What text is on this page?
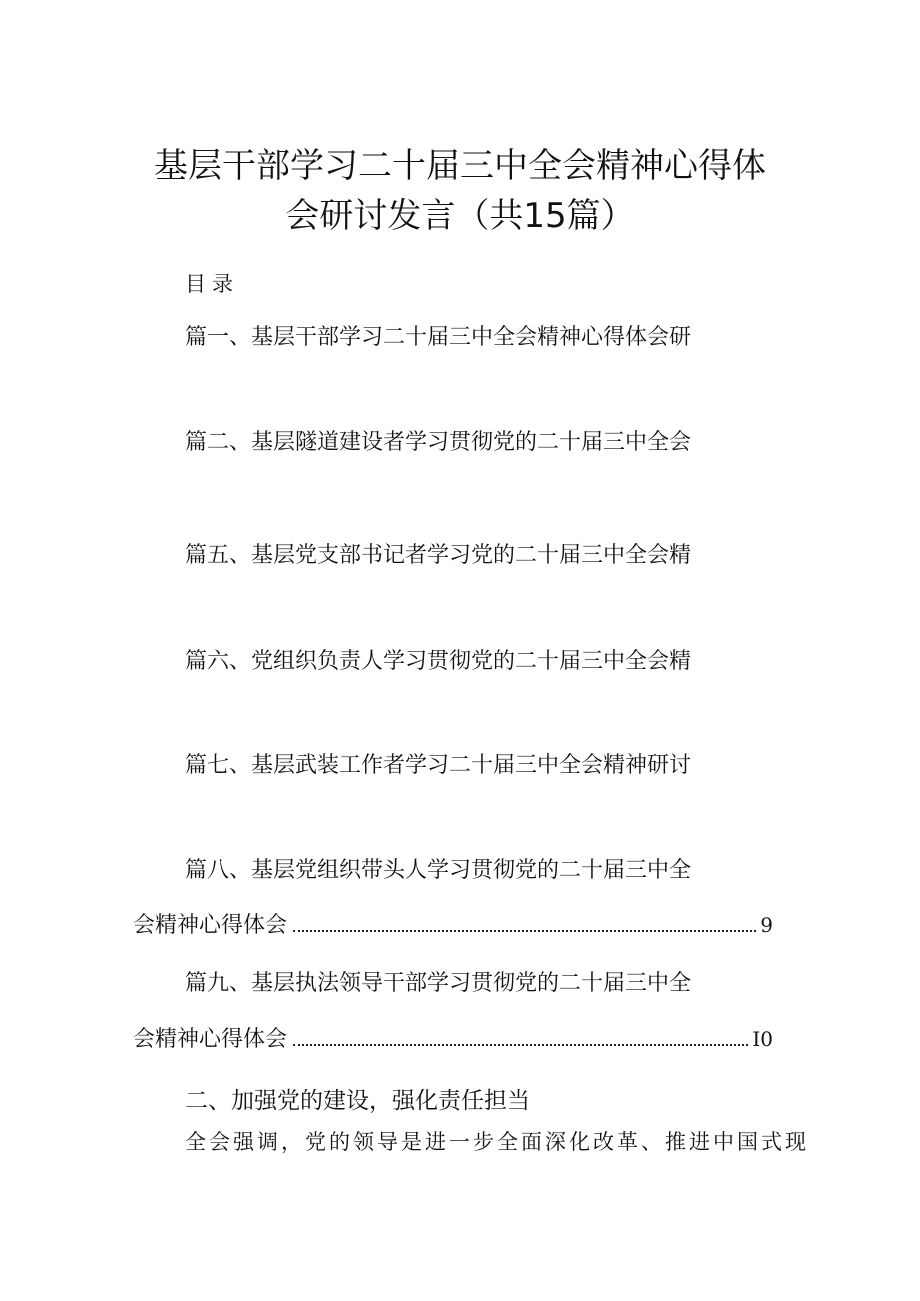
基层干部学习二十届三中全会精神心得体
会研讨发言（共15篇）
目录
篇一、基层干部学习二十届三中全会精神心得体会研
篇二、基层隧道建设者学习贯彻党的二十届三中全会
篇五、基层党支部书记者学习党的二十届三中全会精
篇六、党组织负责人学习贯彻党的二十届三中全会精
篇七、基层武装工作者学习二十届三中全会精神研讨
篇八、基层党组织带头人学习贯彻党的二十届三中全
会精神心得体会	9
篇九、基层执法领导干部学习贯彻党的二十届三中全
会精神心得体会	I0
二、加强党的建设，强化责任担当
全会强调，党的领导是进一步全面深化改革、推进中国式现
